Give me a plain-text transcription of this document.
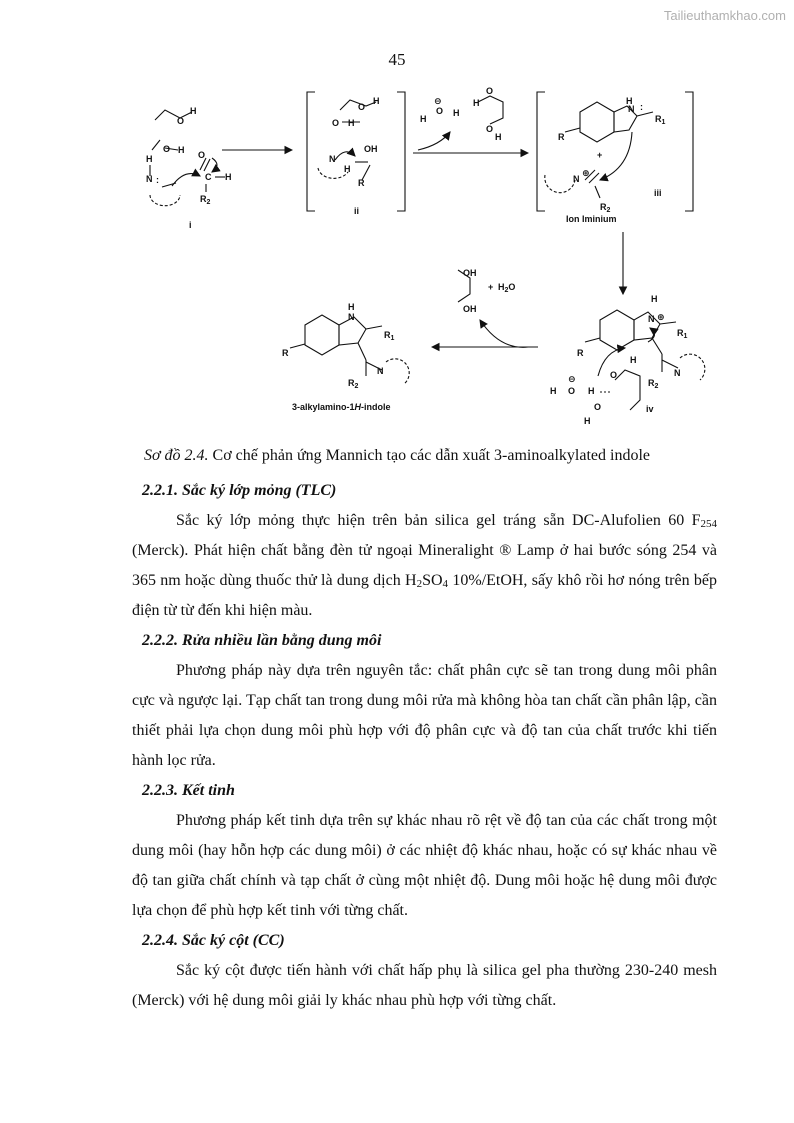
Tailieuthamkhao.com
45
H
O
O H
H
N :
O
C H
$R_2$
H
O
O H
OH
N
H
R
H
O H
⊖
O
O
H
H
H
N :
$R_1$
R
N
⊕
$R_2$
iii
Ion Iminium
OH
OH
+ $H_2O$
H
N ⊕
$R_1$
R
H
$R_2$
N
⊖
H O H
O
O
H
iv
H
N
$R_1$
R
$R_2$
N
3-alkylamino-1H-indole
i
ii
+
Sơ đồ 2.4. Cơ chế phản ứng Mannich tạo các dẫn xuất 3-aminoalkylated indole

2.2.1. Sắc ký lớp mỏng (TLC)

Sắc ký lớp mỏng thực hiện trên bản silica gel tráng sẵn DC-Alufolien 60 $F_{254}$ (Merck). Phát hiện chất bằng đèn tử ngoại Mineralight ® Lamp ở hai bước sóng 254 và 365 nm hoặc dùng thuốc thử là dung dịch $H_2SO_4$ 10%/EtOH, sấy khô rồi hơ nóng trên bếp điện từ từ đến khi hiện màu.

2.2.2. Rửa nhiều lần bằng dung môi

Phương pháp này dựa trên nguyên tắc: chất phân cực sẽ tan trong dung môi phân cực và ngược lại. Tạp chất tan trong dung môi rửa mà không hòa tan chất cần phân lập, cần thiết phải lựa chọn dung môi phù hợp với độ phân cực và độ tan của chất trước khi tiến hành lọc rửa.

2.2.3. Kết tinh

Phương pháp kết tinh dựa trên sự khác nhau rõ rệt về độ tan của các chất trong một dung môi (hay hỗn hợp các dung môi) ở các nhiệt độ khác nhau, hoặc có sự khác nhau về độ tan giữa chất chính và tạp chất ở cùng một nhiệt độ. Dung môi hoặc hệ dung môi được lựa chọn để phù hợp kết tinh với từng chất.

2.2.4. Sắc ký cột (CC)

Sắc ký cột được tiến hành với chất hấp phụ là silica gel pha thường 230-240 mesh (Merck) với hệ dung môi giải ly khác nhau phù hợp với từng chất.
